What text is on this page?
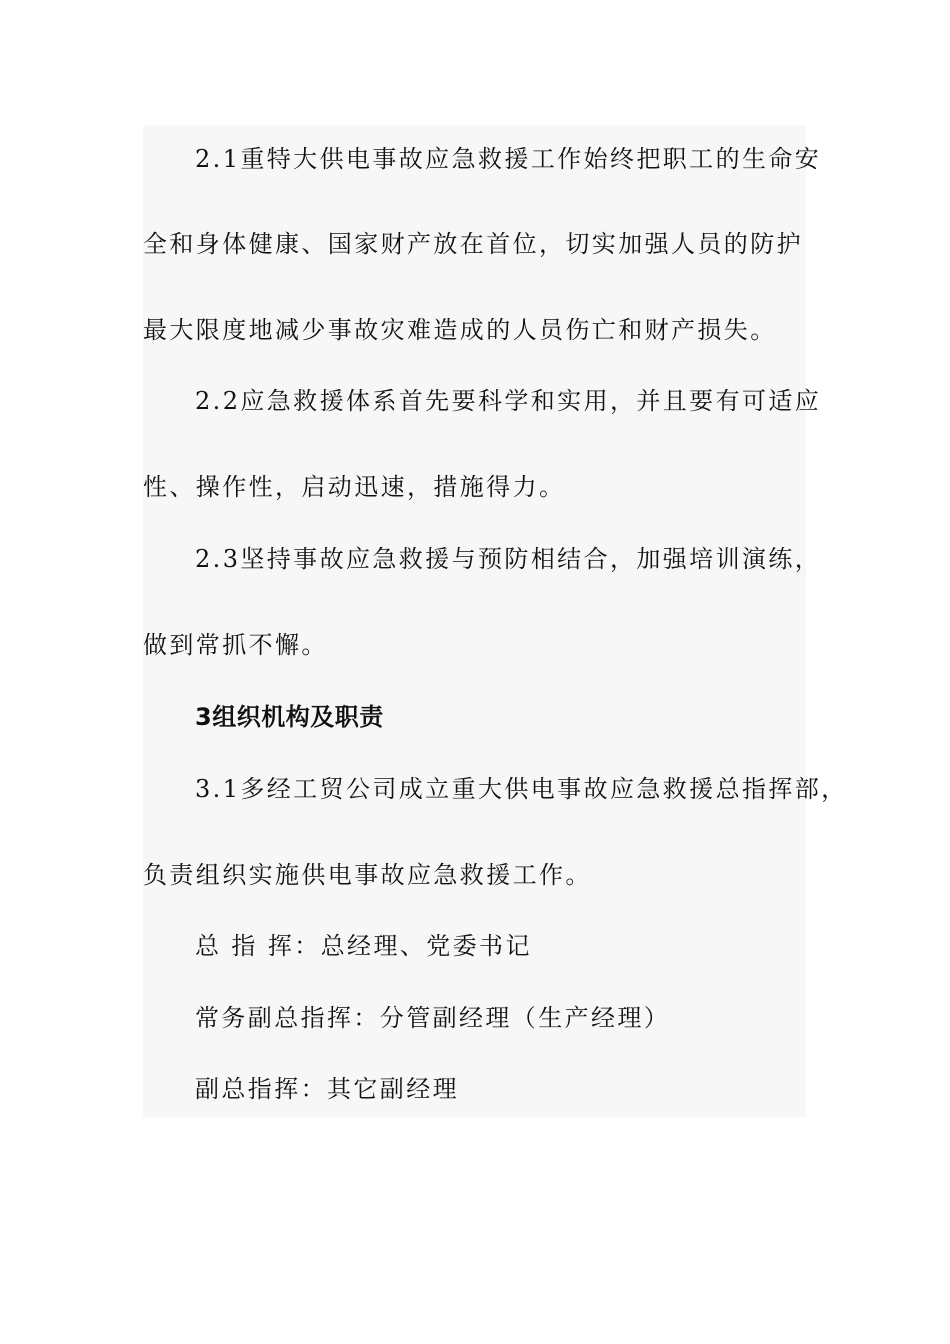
2.1重特大供电事故应急救援工作始终把职工的生命安
全和身体健康、国家财产放在首位，切实加强人员的防护
最大限度地减少事故灾难造成的人员伤亡和财产损失。
2.2应急救援体系首先要科学和实用，并且要有可适应
性、操作性，启动迅速，措施得力。
2.3坚持事故应急救援与预防相结合，加强培训演练，
做到常抓不懈。
3组织机构及职责
3.1多经工贸公司成立重大供电事故应急救援总指挥部，
负责组织实施供电事故应急救援工作。
总 指 挥：总经理、党委书记
常务副总指挥：分管副经理（生产经理）
副总指挥：其它副经理
